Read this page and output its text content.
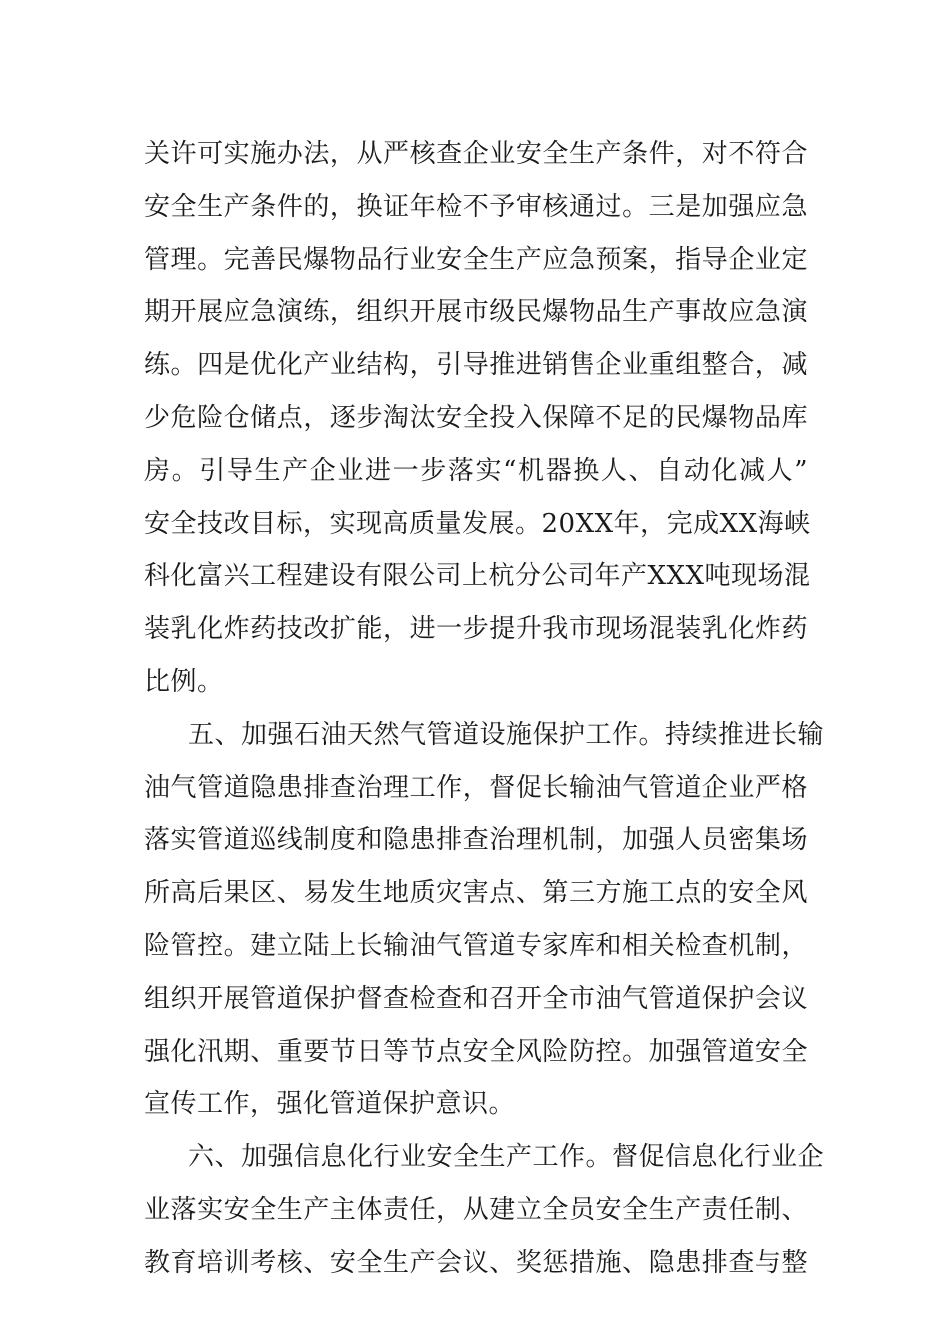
关许可实施办法，从严核查企业安全生产条件，对不符合
安全生产条件的，换证年检不予审核通过。三是加强应急
管理。完善民爆物品行业安全生产应急预案，指导企业定
期开展应急演练，组织开展市级民爆物品生产事故应急演
练。四是优化产业结构，引导推进销售企业重组整合，减
少危险仓储点，逐步淘汰安全投入保障不足的民爆物品库
房。引导生产企业进一步落实“机器换人、自动化减人”
安全技改目标，实现高质量发展。20XX年，完成XX海峡
科化富兴工程建设有限公司上杭分公司年产XXX吨现场混
装乳化炸药技改扩能，进一步提升我市现场混装乳化炸药
比例。
五、加强石油天然气管道设施保护工作。持续推进长输
油气管道隐患排查治理工作，督促长输油气管道企业严格
落实管道巡线制度和隐患排查治理机制，加强人员密集场
所高后果区、易发生地质灾害点、第三方施工点的安全风
险管控。建立陆上长输油气管道专家库和相关检查机制，
组织开展管道保护督查检查和召开全市油气管道保护会议
强化汛期、重要节日等节点安全风险防控。加强管道安全
宣传工作，强化管道保护意识。
六、加强信息化行业安全生产工作。督促信息化行业企
业落实安全生产主体责任，从建立全员安全生产责任制、
教育培训考核、安全生产会议、奖惩措施、隐患排查与整
